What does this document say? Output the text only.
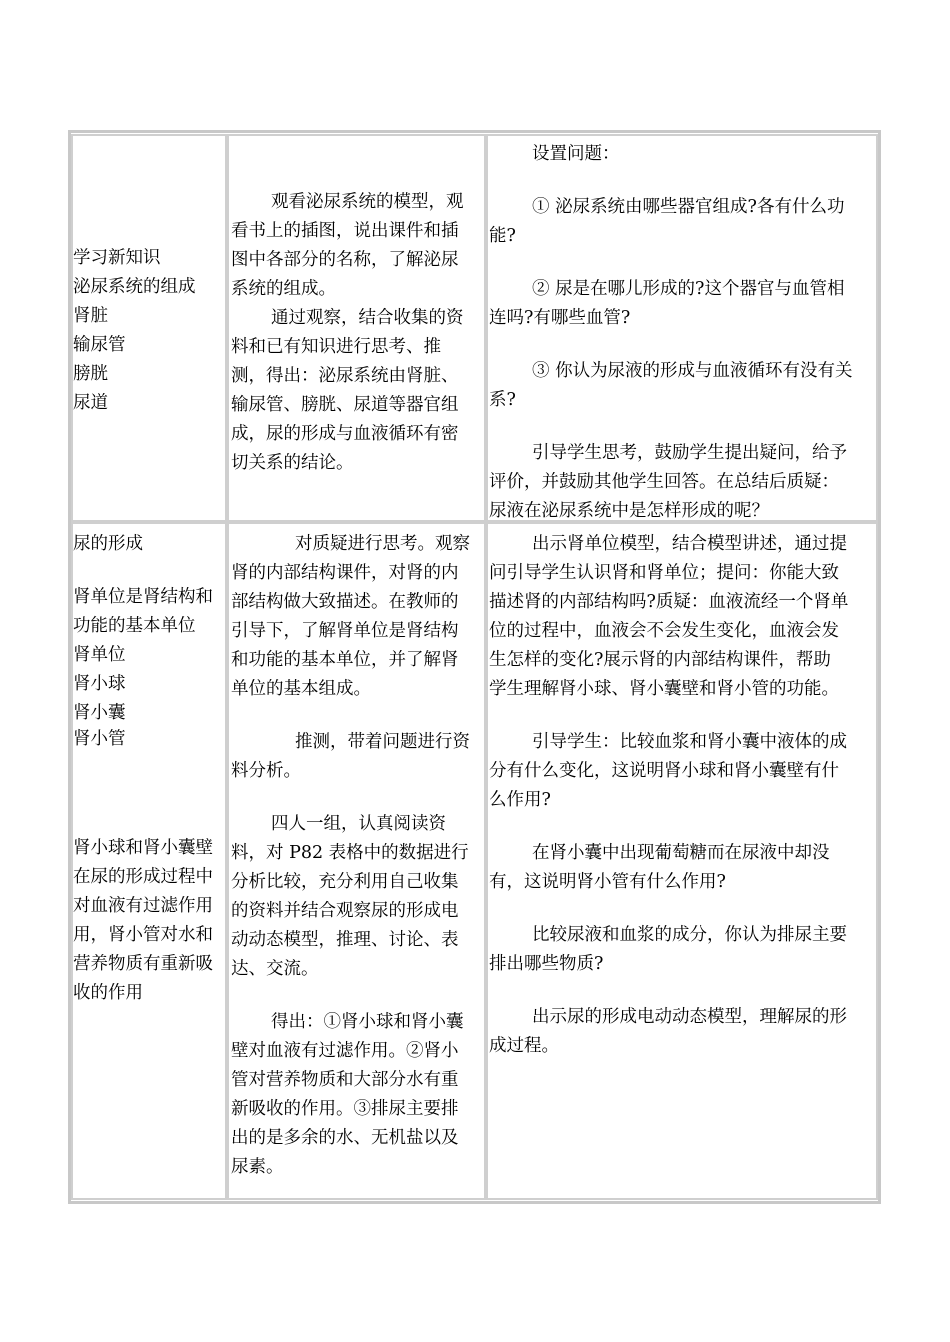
学习新知识
泌尿系统的组成
肾脏
输尿管
膀胱
尿道

观看泌尿系统的模型，观
看书上的插图，说出课件和插
图中各部分的名称，了解泌尿
系统的组成。

通过观察，结合收集的资
料和已有知识进行思考、推
测，得出：泌尿系统由肾脏、
输尿管、膀胱、尿道等器官组
成，尿的形成与血液循环有密
切关系的结论。

设置问题：

① 泌尿系统由哪些器官组成?各有什么功
能?

② 尿是在哪儿形成的?这个器官与血管相
连吗?有哪些血管?

③ 你认为尿液的形成与血液循环有没有关
系?

引导学生思考，鼓励学生提出疑问，给予
评价，并鼓励其他学生回答。在总结后质疑：
尿液在泌尿系统中是怎样形成的呢？

尿的形成
肾单位是肾结构和
功能的基本单位
肾单位
肾小球
肾小囊
肾小管
肾小球和肾小囊壁
在尿的形成过程中
对血液有过滤作用
用，肾小管对水和
营养物质有重新吸
收的作用

对质疑进行思考。观察
肾的内部结构课件，对肾的内
部结构做大致描述。在教师的
引导下，了解肾单位是肾结构
和功能的基本单位，并了解肾
单位的基本组成。

推测，带着问题进行资
料分析。

四人一组，认真阅读资
料，对 P82 表格中的数据进行
分析比较，充分利用自己收集
的资料并结合观察尿的形成电
动动态模型，推理、讨论、表
达、交流。

得出：①肾小球和肾小囊
壁对血液有过滤作用。②肾小
管对营养物质和大部分水有重
新吸收的作用。③排尿主要排
出的是多余的水、无机盐以及
尿素。

出示肾单位模型，结合模型讲述，通过提
问引导学生认识肾和肾单位；提问：你能大致
描述肾的内部结构吗?质疑：血液流经一个肾单
位的过程中，血液会不会发生变化，血液会发
生怎样的变化?展示肾的内部结构课件，帮助
学生理解肾小球、肾小囊壁和肾小管的功能。

引导学生：比较血浆和肾小囊中液体的成
分有什么变化，这说明肾小球和肾小囊壁有什
么作用?

在肾小囊中出现葡萄糖而在尿液中却没
有，这说明肾小管有什么作用?

比较尿液和血浆的成分，你认为排尿主要
排出哪些物质?

出示尿的形成电动动态模型，理解尿的形
成过程。
